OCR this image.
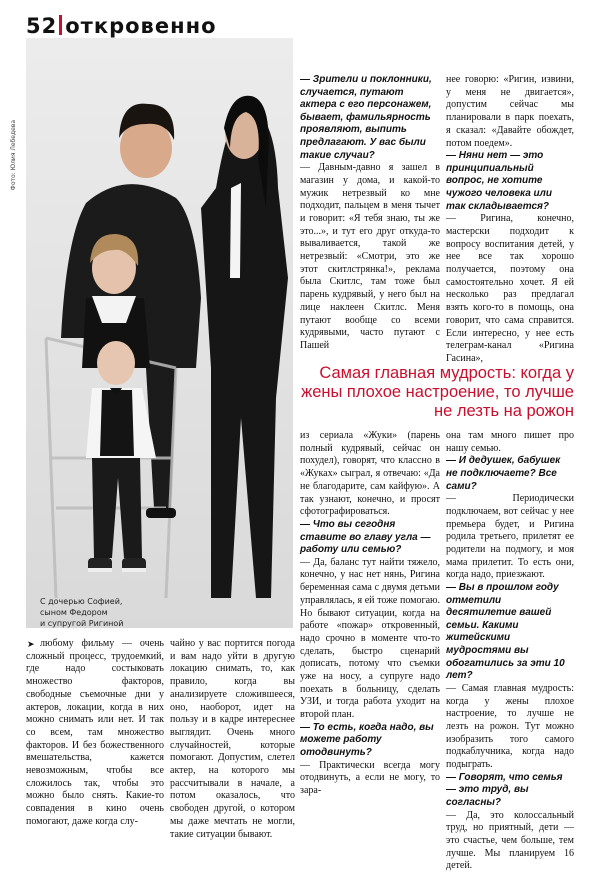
52 откровенно
Фото: Юлия Лебедева
С дочерью Софией,
сыном Федором
и супругой Ригиной
➤ любому фильму — очень сложный процесс, трудоемкий, где надо состыковать множество факторов, свободные съемочные дни у актеров, локации, когда в них можно снимать или нет. И так со всем, там множество факторов. И без божественного вмешательства, кажется невозможным, чтобы все сложилось так, чтобы это можно было снять. Какие-то совпадения в кино очень помогают, даже когда слу-
чайно у вас портится погода и вам надо уйти в другую локацию снимать, то, как правило, когда вы анализируете сложившееся, оно, наоборот, идет на пользу и в кадре интереснее выглядит. Очень много случайностей, которые помогают. Допустим, слетел актер, на которого мы рассчитывали в начале, а потом оказалось, что свободен другой, о котором мы даже мечтать не могли, такие ситуации бывают.

— Зрители и поклонники, случается, путают актера с его персонажем, бывает, фамильярность проявляют, выпить предлагают. У вас были такие случаи?

— Давным-давно я зашел в магазин у дома, и какой-то мужик нетрезвый ко мне подходит, пальцем в меня тычет и говорит: «Я тебя знаю, ты же это...», и тут его друг откуда-то вываливается, такой же нетрезвый: «Смотри, это же этот скитлстрянка!», реклама была Скитлс, там тоже был парень кудрявый, у него был на лице наклеен Скитлс. Меня путают вообще со всеми кудрявыми, часто путают с Пашей

нее говорю: «Ригин, извини, у меня не двигается», допустим сейчас мы планировали в парк поехать, я сказал: «Давайте обождет, потом поедем».

— Няни нет — это принципиальный вопрос, не хотите чужого человека или так складывается?

— Ригина, конечно, мастерски подходит к вопросу воспитания детей, у нее все так хорошо получается, поэтому она самостоятельно хочет. Я ей несколько раз предлагал взять кого-то в помощь, она говорит, что сама справится. Если интересно, у нее есть телеграм-канал «Ригина Гасина»,

Самая главная мудрость: когда у жены плохое настроение, то лучше не лезть на рожон

из сериала «Жуки» (парень полный кудрявый, сейчас он похудел), говорят, что классно в «Жуках» сыграл, я отвечаю: «Да не благодарите, сам кайфую». А так узнают, конечно, и просят сфотографироваться.

— Что вы сегодня ставите во главу угла — работу или семью?

— Да, баланс тут найти тяжело, конечно, у нас нет нянь, Ригина беременная сама с двумя детьми управлялась, я ей тоже помогаю. Но бывают ситуации, когда на работе «пожар» откровенный, надо срочно в моменте что-то сделать, быстро сценарий дописать, потому что съемки уже на носу, а супруге надо поехать в больницу, сделать УЗИ, и тогда работа уходит на второй план.

— То есть, когда надо, вы можете работу отодвинуть?

— Практически всегда могу отодвинуть, а если не могу, то зара-

она там много пишет про нашу семью.

— И дедушек, бабушек не подключаете? Все сами?

— Периодически подключаем, вот сейчас у нее премьера будет, и Ригина родила третьего, прилетят ее родители на подмогу, и моя мама прилетит. То есть они, когда надо, приезжают.

— Вы в прошлом году отметили десятилетие вашей семьи. Какими житейскими мудростями вы обогатились за эти 10 лет?

— Самая главная мудрость: когда у жены плохое настроение, то лучше не лезть на рожон. Тут можно изобразить того самого подкаблучника, когда надо подыграть.

— Говорят, что семья — это труд, вы согласны?

— Да, это колоссальный труд, но приятный, дети — это счастье, чем больше, тем лучше. Мы планируем 16 детей.
